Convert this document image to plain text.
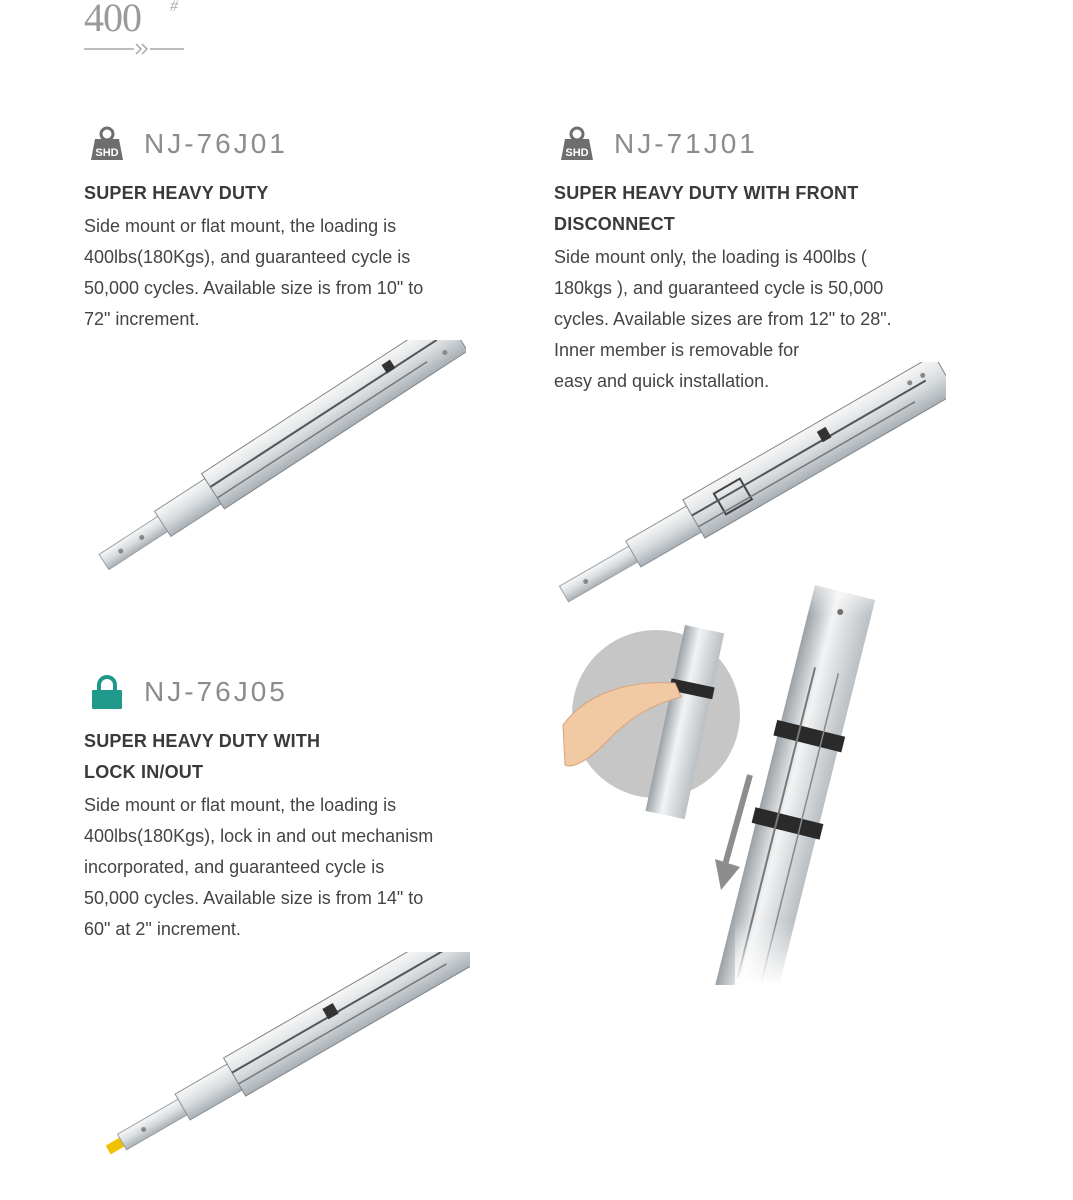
400 #
SHD NJ-76J01
SUPER HEAVY DUTY
Side mount or flat mount, the loading is
400lbs(180Kgs), and guaranteed cycle is
50,000 cycles. Available size is from 10" to
72" increment.
SHD NJ-71J01
SUPER HEAVY DUTY WITH FRONT
DISCONNECT
Side mount only, the loading is 400lbs (
180kgs ), and guaranteed cycle is 50,000
cycles. Available sizes are from 12" to 28".
Inner member is removable for
easy and quick installation.
NJ-76J05
SUPER HEAVY DUTY WITH
LOCK IN/OUT
Side mount or flat mount, the loading is
400lbs(180Kgs), lock in and out mechanism
incorporated, and guaranteed cycle is
50,000 cycles. Available size is from 14" to
60" at 2" increment.
